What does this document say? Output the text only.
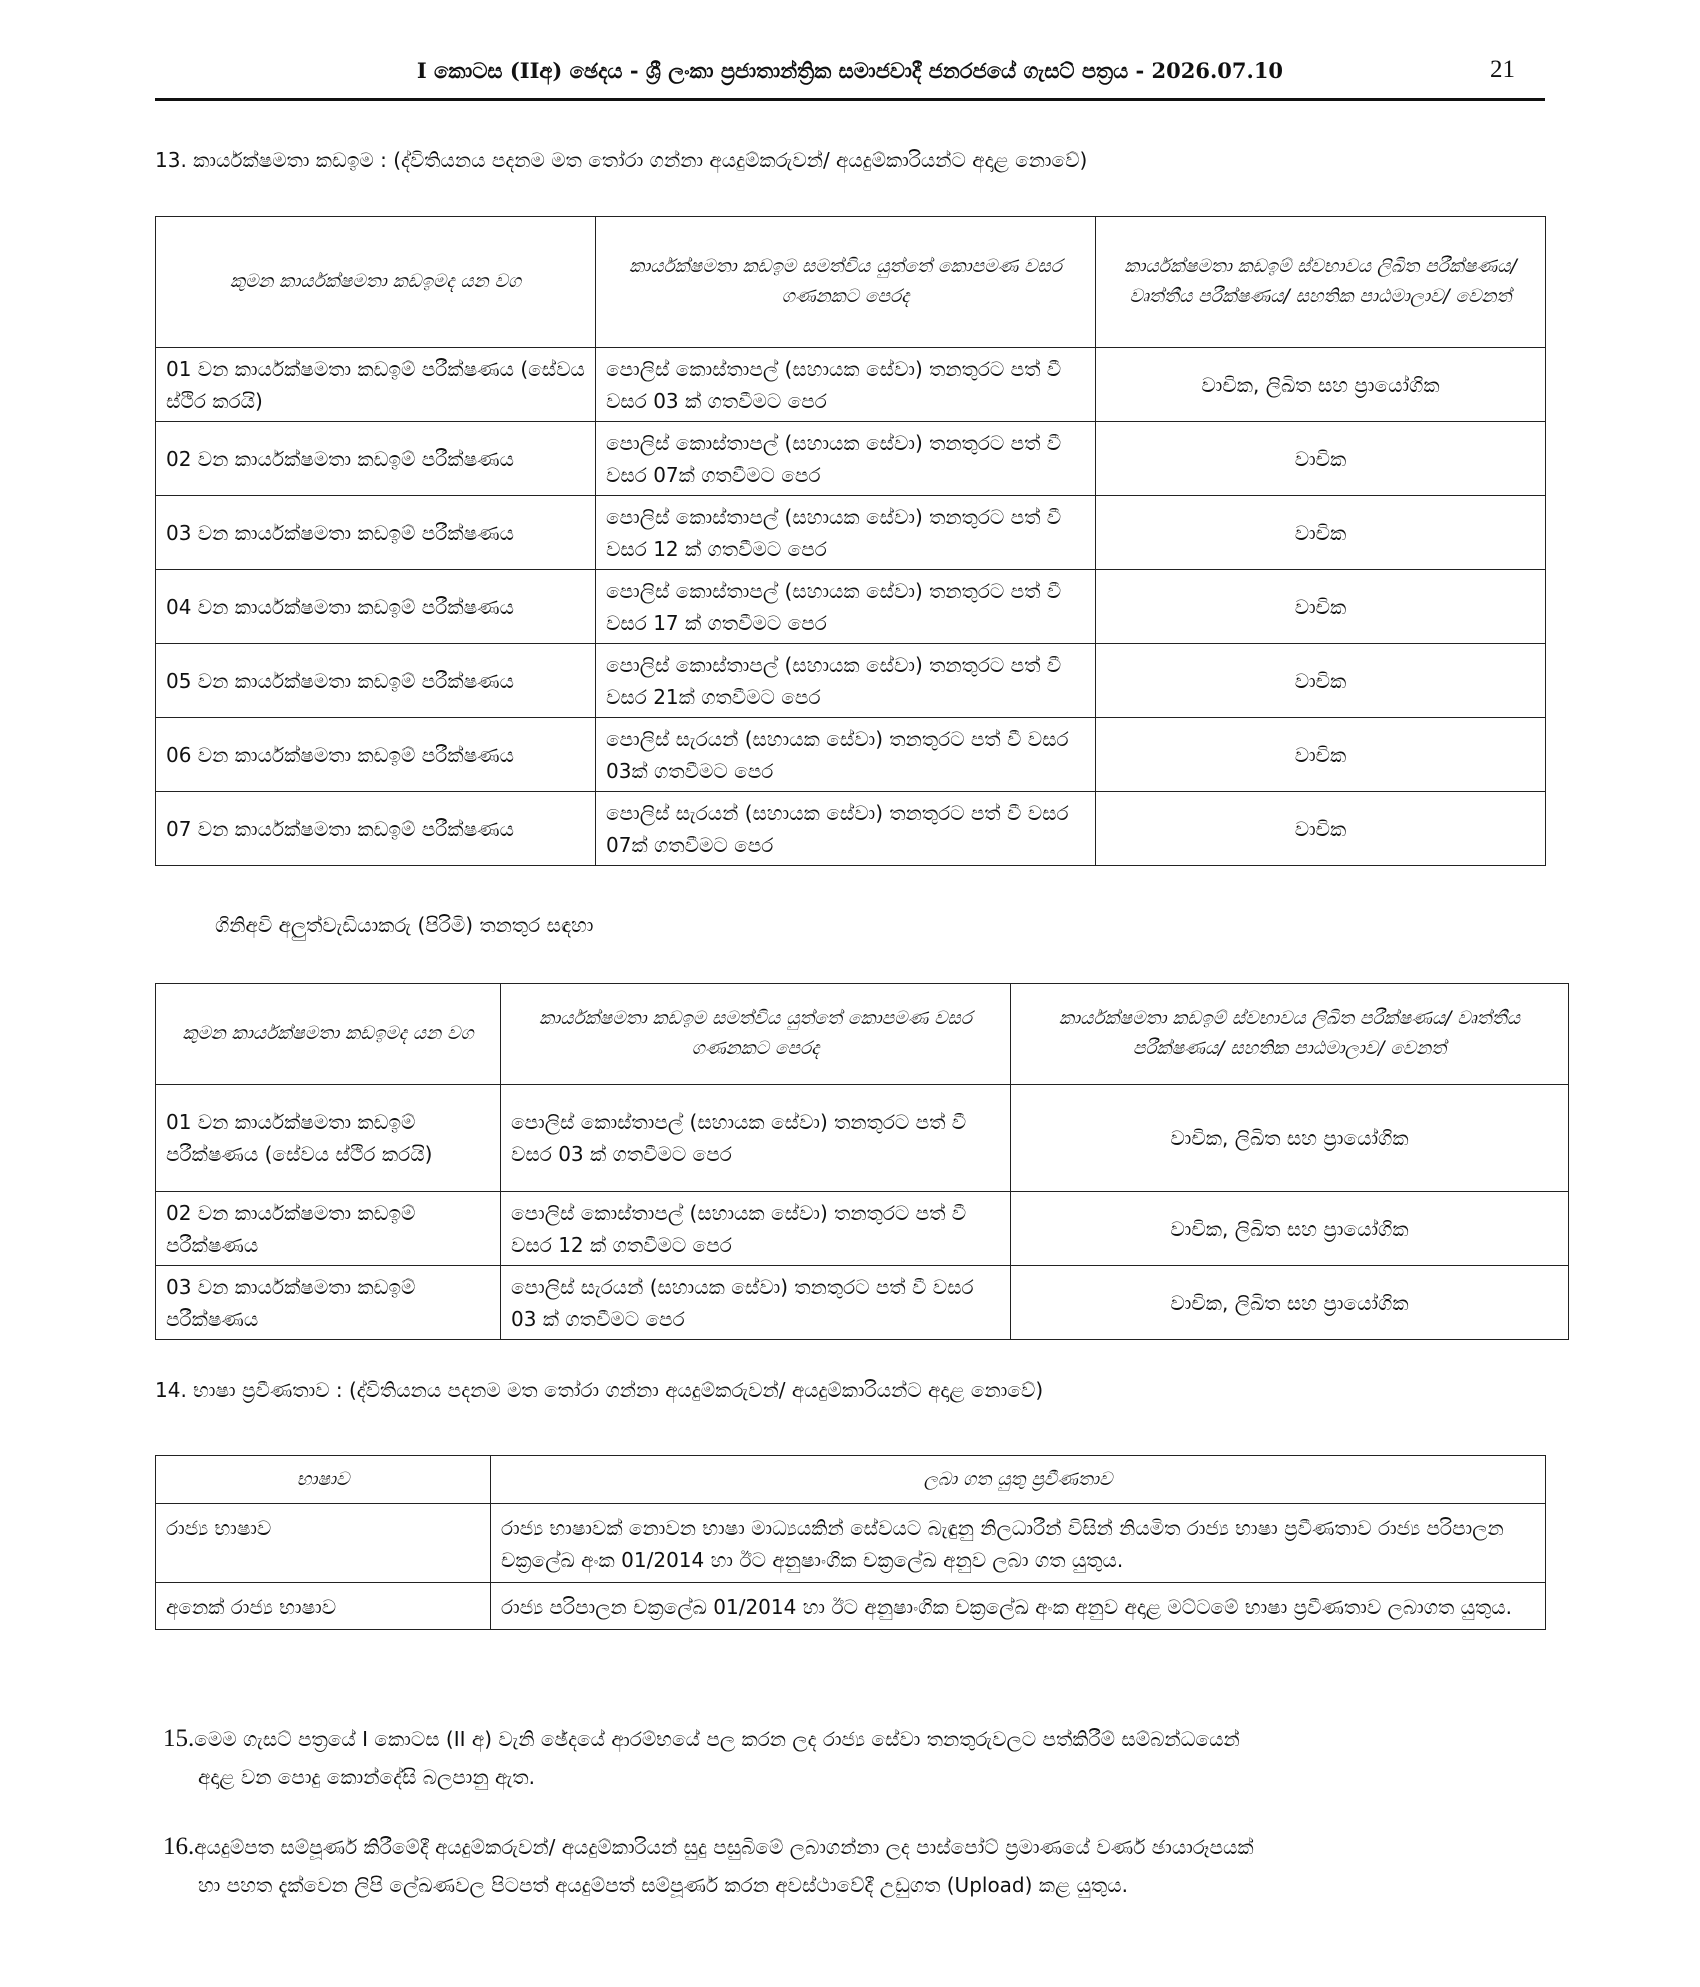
I කොටස (IIඅ) ඡෙදය - ශ්‍රී ලංකා ප්‍රජාතාන්ත්‍රික සමාජවාදී ජනරජයේ ගැසට් පත්‍රය - 2026.07.10	21
13. කාර්යක්ෂමතා කඩඉම : (ද්විතියනය පදනම මත තෝරා ගන්නා අයදුම්කරුවන්/ අයදුම්කාරියන්ට අදාළ නොවේ)
කුමන කාර්යක්ෂමතා කඩඉමද යන වග	කාර්යක්ෂමතා කඩඉම සමත්විය යුත්තේ කොපමණ වසර ගණනකට පෙරද	කාර්යක්ෂමතා කඩඉම් ස්වභාවය ලිඛිත පරීක්ෂණය/ වෘත්තීය පරීක්ෂණය/ සහතික පාඨමාලාව/ වෙනත්
01 වන කාර්යක්ෂමතා කඩඉම් පරීක්ෂණය (සේවය ස්ථිර කරයි)	පොලිස් කොස්තාපල් (සහායක සේවා) තනතුරට පත් වී වසර 03 ක් ගතවීමට පෙර	වාචික, ලිඛිත සහ ප්‍රායෝගික
02 වන කාර්යක්ෂමතා කඩඉම් පරීක්ෂණය	පොලිස් කොස්තාපල් (සහායක සේවා) තනතුරට පත් වී වසර 07ක් ගතවීමට පෙර	වාචික
03 වන කාර්යක්ෂමතා කඩඉම් පරීක්ෂණය	පොලිස් කොස්තාපල් (සහායක සේවා) තනතුරට පත් වී වසර 12 ක් ගතවීමට පෙර	වාචික
04 වන කාර්යක්ෂමතා කඩඉම් පරීක්ෂණය	පොලිස් කොස්තාපල් (සහායක සේවා) තනතුරට පත් වී වසර 17 ක් ගතවීමට පෙර	වාචික
05 වන කාර්යක්ෂමතා කඩඉම් පරීක්ෂණය	පොලිස් කොස්තාපල් (සහායක සේවා) තනතුරට පත් වී වසර 21ක් ගතවීමට පෙර	වාචික
06 වන කාර්යක්ෂමතා කඩඉම් පරීක්ෂණය	පොලිස් සැරයන් (සහායක සේවා) තනතුරට පත් වී වසර 03ක් ගතවීමට පෙර	වාචික
07 වන කාර්යක්ෂමතා කඩඉම් පරීක්ෂණය	පොලිස් සැරයන් (සහායක සේවා) තනතුරට පත් වී වසර 07ක් ගතවීමට පෙර	වාචික
ගිනිඅවි අලුත්වැඩියාකරු (පිරිමි) තනතුර සඳහා
කුමන කාර්යක්ෂමතා කඩඉමද යන වග	කාර්යක්ෂමතා කඩඉම සමත්විය යුත්තේ කොපමණ වසර ගණනකට පෙරද	කාර්යක්ෂමතා කඩඉම් ස්වභාවය ලිඛිත පරීක්ෂණය/ වෘත්තීය පරීක්ෂණය/ සහතික පාඨමාලාව/ වෙනත්
01 වන කාර්යක්ෂමතා කඩඉම් පරීක්ෂණය (සේවය ස්ථිර කරයි)	පොලිස් කොස්තාපල් (සහායක සේවා) තනතුරට පත් වී වසර 03 ක් ගතවීමට පෙර	වාචික, ලිඛිත සහ ප්‍රායෝගික
02 වන කාර්යක්ෂමතා කඩඉම් පරීක්ෂණය	පොලිස් කොස්තාපල් (සහායක සේවා) තනතුරට පත් වී වසර 12 ක් ගතවීමට පෙර	වාචික, ලිඛිත සහ ප්‍රායෝගික
03 වන කාර්යක්ෂමතා කඩඉම් පරීක්ෂණය	පොලිස් සැරයන් (සහායක සේවා) තනතුරට පත් වී වසර 03 ක් ගතවීමට පෙර	වාචික, ලිඛිත සහ ප්‍රායෝගික
14. භාෂා ප්‍රවීණතාව : (ද්විතියනය පදනම මත තෝරා ගන්නා අයදුම්කරුවන්/ අයදුම්කාරියන්ට අදාළ නොවේ)
භාෂාව	ලබා ගත යුතු ප්‍රවීණතාව
රාජ්‍ය භාෂාව	රාජ්‍ය භාෂාවක් නොවන භාෂා මාධ්‍යයකින් සේවයට බැඳුනු නිලධාරීන් විසින් නියමිත රාජ්‍ය භාෂා ප්‍රවීණතාව රාජ්‍ය පරිපාලන චක්‍රලේඛ අංක 01/2014 හා ඊට අනුෂාංගික චක්‍රලේඛ අනුව ලබා ගත යුතුය.
අනෙක් රාජ්‍ය භාෂාව	රාජ්‍ය පරිපාලන චක්‍රලේඛ 01/2014 හා ඊට අනුෂාංගික චක්‍රලේඛ අංක අනුව අදාළ මට්ටමේ භාෂා ප්‍රවීණතාව ලබාගත යුතුය.
15.මෙම ගැසට් පත්‍රයේ I කොටස (II අ) වැනි ඡේදයේ ආරම්භයේ පල කරන ලද රාජ්‍ය සේවා තනතුරුවලට පත්කිරීම් සම්බන්ධයෙන්
අදාළ වන පොදු කොන්දේසි බලපානු ඇත.
16.අයදුම්පත සම්පූර්ණ කිරීමේදී අයදුම්කරුවන්/ අයදුම්කාරියන් සුදු පසුබිමේ ලබාගන්නා ලද පාස්පෝට් ප්‍රමාණයේ වර්ණ ඡායාරූපයක්
හා පහත දැක්වෙන ලිපි ලේඛණවල පිටපත් අයදුම්පත් සම්පූර්ණ කරන අවස්ථාවේදී උඩුගත (Upload) කළ යුතුය.
